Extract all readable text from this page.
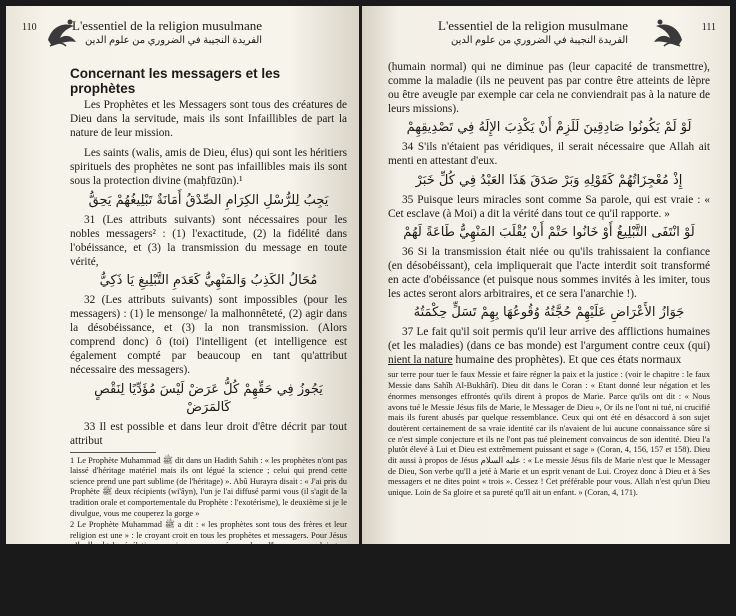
110	L'essentiel de la religion musulmane
الفريدة النجيبة في الضروري من علوم الدين
Concernant les messagers et les prophètes

Les Prophètes et les Messagers sont tous des créatures de Dieu dans la servitude, mais ils sont Infaillibles de part la nature de leur mission.

Les saints (walis, amis de Dieu, élus) qui sont les héritiers spirituels des prophètes ne sont pas infaillibles mais ils sont sous la protection divine (maḥfūzūn).¹

يَجِبُ لِلرُّسْلِ الكِرَامِ الصِّدْقُ أَمَانَةٌ تَبْلِيغُهُمْ يَحِقُّ

31 (Les attributs suivants) sont nécessaires pour les nobles messagers² : (1) l'exactitude, (2) la fidélité dans l'obéissance, et (3) la transmission du message en toute vérité,

مُحَالُ الكَذِبُ وَالمَنْهِيُّ كَعَدَمِ التَّبْلِيغِ يَا ذَكِيُّ

32 (Les attributs suivants) sont impossibles (pour les messagers) : (1) le mensonge/ la malhonnêteté, (2) agir dans la désobéissance, et (3) la non transmission. (Alors comprend donc) ô (toi) l'intelligent (et intelligence est également compté par beaucoup en tant qu'attribut nécessaire des messagers).

يَجُوزُ فِي حَقِّهِمْ كُلُّ عَرَضْ لَيْسَ مُؤَدِّيًا لِنَقْصٍ كَالمَرَضْ

33 Il est possible et dans leur droit d'être décrit par tout attribut

1 Le Prophète Muhammad ﷺ dit dans un Hadith Sahih : « les prophètes n'ont pas laissé d'héritage matériel mais ils ont légué la science ; celui qui prend cette science prend une part sublime (de l'héritage) ». Abû Hurayra disait : « J'ai pris du Prophète ﷺ deux récipients (wi'âyn), l'un je l'ai diffusé parmi vous (il s'agit de la tradition orale et comportementale du Prophète : l'exotérisme), le deuxième si je le divulgue, vous me couperez la gorge »

2 Le Prophète Muhammad ﷺ a dit : « les prophètes sont tous des frères et leur religion est une » : le croyant croit en tous les prophètes et messagers. Pour Jésus عليه السلام la révélation coranique a consacré une place d'honneur pour lui et sa mère la Vierge Marie (voir Coran, 19, Maryam (Marie)) : Jésus عليه السلام est un humain (une créature de Dieu) : il est le Verbe de Dieu et il a été créé de l'Esprit de Dieu : d'une mère sans père comme Adam a été créé sans père ni mère : de l'esprit de Dieu aussi (et d'argile). Pour les musulmans, Dieu a remplacé Jésus عليه السلام au moment où ses ennemis voulaient le crucifier et l'a élevé chez Lui. Il retournera à la fin des temps

L'essentiel de la religion musulmane
الفريدة النجيبة في الضروري من علوم الدين
111

(humain normal) qui ne diminue pas (leur capacité de transmettre), comme la maladie (ils ne peuvent pas par contre être atteints de lèpre ou être aveugle par exemple car cela ne conviendrait pas à la nature de leurs missions).

لَوْ لَمْ يَكُونُوا صَادِقِينَ لَلَزِمْ أَنْ يَكْذِبَ الإِلَهُ فِي تَصْدِيقِهِمْ

34 S'ils n'étaient pas véridiques, il serait nécessaire que Allah ait menti en attestant d'eux.

إِذْ مُعْجِزَاتُهُمْ كَقَوْلِهِ وَبَرْ صَدَقَ هَذَا العَبْدُ فِي كُلِّ خَبَرْ

35 Puisque leurs miracles sont comme Sa parole, qui est vraie : « Cet esclave (à Moi) a dit la vérité dans tout ce qu'il rapporte. »

لَوْ انْتَفَى التَّبْلِيغُ أَوْ خَانُوا حَتْمْ أَنْ يُقْلَبَ المَنْهِيُّ طَاعَةً لَهُمْ

36 Si la transmission était niée ou qu'ils trahissaient la confiance (en désobéissant), cela impliquerait que l'acte interdit soit transformé en acte d'obéissance (et puisque nous sommes invités à les imiter, tous les actes seront alors arbitraires, et ce sera l'anarchie !).

جَوَازُ الأَعْرَاضِ عَلَيْهِمْ حُجَّتُهُ وُقُوعُهَا بِهِمْ تَسَلٍّ حِكْمَتُهُ

37 Le fait qu'il soit permis qu'il leur arrive des afflictions humaines (et les maladies) (dans ce bas monde) est l'argument contre ceux (qui) nient la nature humaine des prophètes). Et que ces états normaux

sur terre pour tuer le faux Messie et faire régner la paix et la justice : (voir le chapitre : le faux Messie dans Sahîh Al-Bukhârî). Dieu dit dans le Coran : « Etant donné leur négation et les énormes mensonges effrontés qu'ils dirent à propos de Marie. Parce qu'ils ont dit : « Nous avons tué le Messie Jésus fils de Marie, le Messager de Dieu », Or ils ne l'ont ni tué, ni crucifié mais ils furent abusés par quelque ressemblance. Ceux qui ont été en désaccord à son sujet doutèrent certainement de sa vraie identité car ils n'avaient de lui aucune connaissance sûre si ce n'est simple conjecture et ils ne l'ont pas tué pleinement convaincus de son identité. Dieu l'a plutôt élevé à Lui et Dieu est extrêmement puissant et sage » (Coran, 4, 156, 157 et 158). Dieu dit aussi à propos de Jésus عليه السلام : « Le messie Jésus fils de Marie n'est que le Messager de Dieu, Son verbe qu'Il a jeté à Marie et un esprit venant de Lui. Croyez donc à Dieu et à Ses messagers et ne dites point « trois ». Cessez ! Cet préférable pour vous. Allah n'est qu'un Dieu unique. Loin de Sa gloire et sa pureté qu'Il ait un enfant. » (Coran, 4, 171).
